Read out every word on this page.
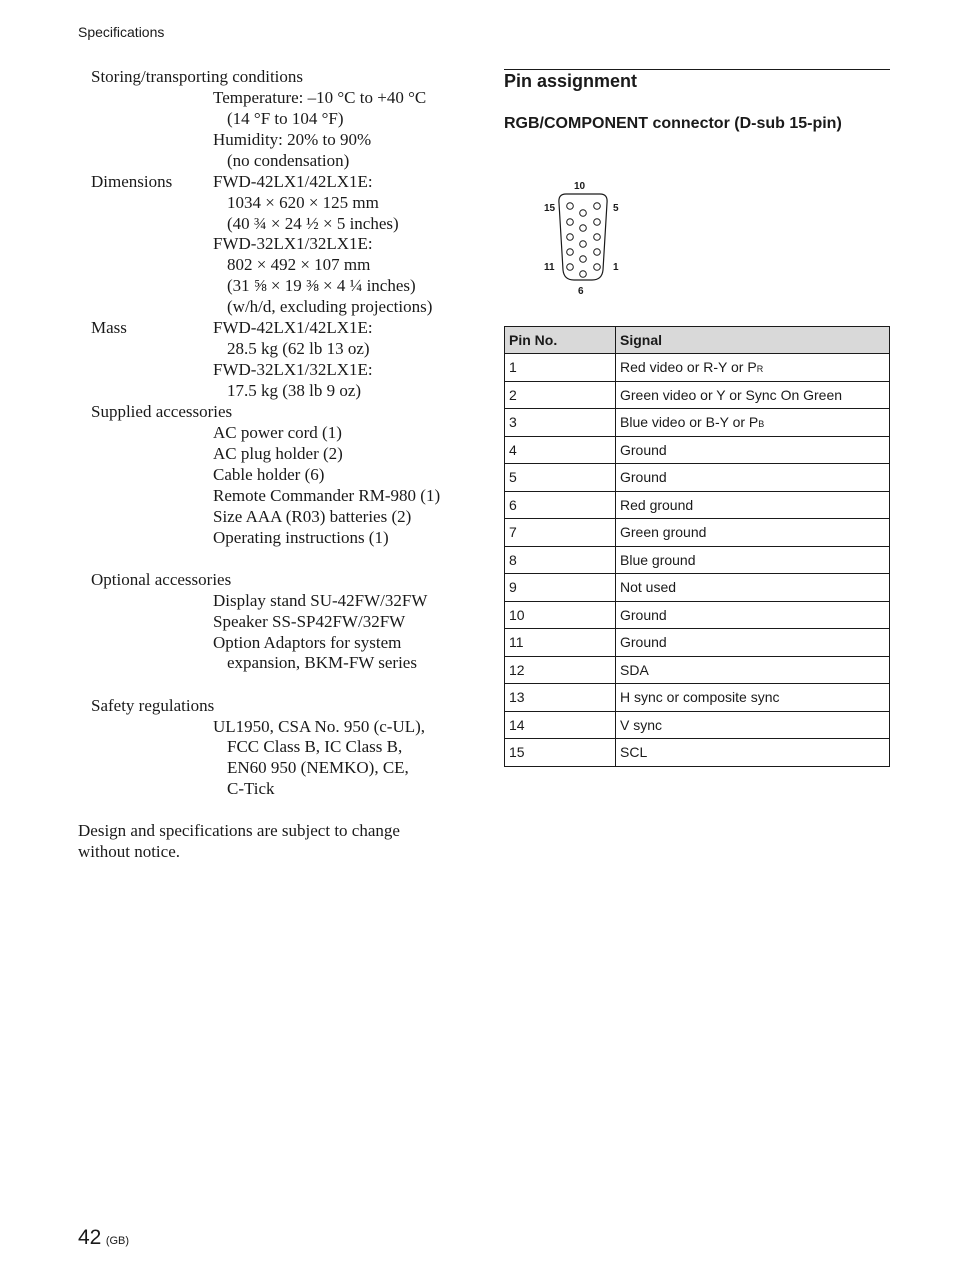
Specifications
Storing/transporting conditions
Temperature: –10 °C to +40 °C
(14 °F to 104 °F)
Humidity: 20% to 90%
(no condensation)
Dimensions FWD-42LX1/42LX1E:
1034 × 620 × 125 mm
(40 ¾ × 24 ½ × 5 inches)
FWD-32LX1/32LX1E:
802 × 492 × 107 mm
(31 ⅝ × 19 ⅜ × 4 ¼ inches)
(w/h/d, excluding projections)
Mass	FWD-42LX1/42LX1E:
28.5 kg (62 lb 13 oz)
FWD-32LX1/32LX1E:
17.5 kg (38 lb 9 oz)
Supplied accessories
AC power cord (1)
AC plug holder (2)
Cable holder (6)
Remote Commander RM-980 (1)
Size AAA (R03) batteries (2)
Operating instructions (1)
Optional accessories
Display stand SU-42FW/32FW
Speaker SS-SP42FW/32FW
Option Adaptors for system
expansion, BKM-FW series
Safety regulations
UL1950, CSA No. 950 (c-UL),
FCC Class B, IC Class B,
EN60 950 (NEMKO), CE,
C-Tick
Design and specifications are subject to change
without notice.
Pin assignment
RGB/COMPONENT connector (D-sub 15-pin)
10
15	5
11	1
6
Pin No.	Signal
1	Red video or R-Y or PR
2	Green video or Y or Sync On Green
3	Blue video or B-Y or PB
4	Ground
5	Ground
6	Red ground
7	Green ground
8	Blue ground
9	Not used
10	Ground
11	Ground
12	SDA
13	H sync or composite sync
14	V sync
15	SCL
42 (GB)
